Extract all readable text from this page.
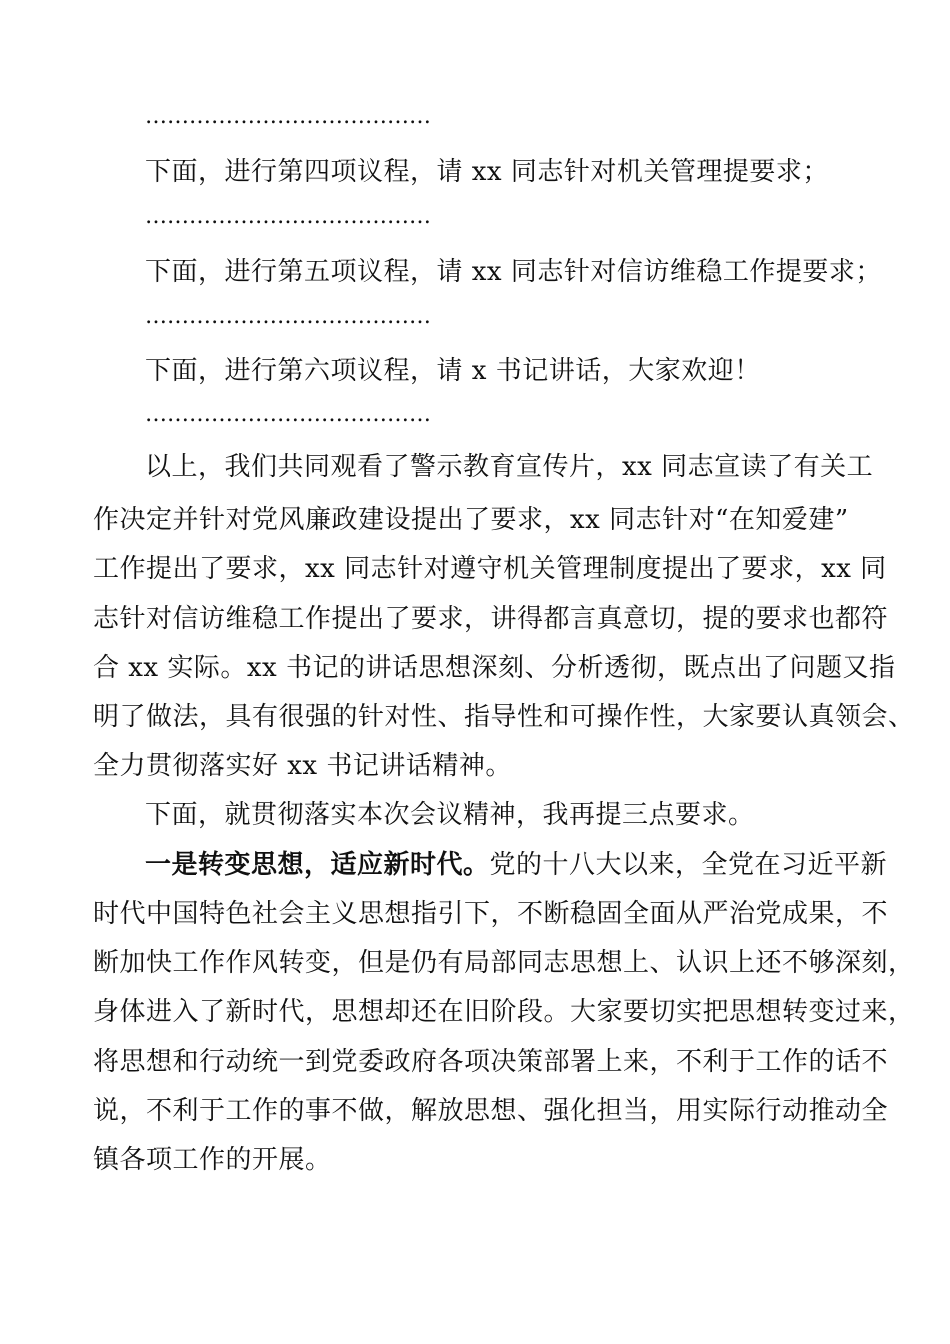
…………………………………
下面，进行第四项议程，请 xx 同志针对机关管理提要求；
…………………………………
下面，进行第五项议程，请 xx 同志针对信访维稳工作提要求；
…………………………………
下面，进行第六项议程，请 x 书记讲话，大家欢迎！
…………………………………
以上，我们共同观看了警示教育宣传片，xx 同志宣读了有关工
作决定并针对党风廉政建设提出了要求，xx 同志针对“在知爱建”
工作提出了要求，xx 同志针对遵守机关管理制度提出了要求，xx 同
志针对信访维稳工作提出了要求，讲得都言真意切，提的要求也都符
合 xx 实际。xx 书记的讲话思想深刻、分析透彻，既点出了问题又指
明了做法，具有很强的针对性、指导性和可操作性，大家要认真领会、
全力贯彻落实好 xx 书记讲话精神。
下面，就贯彻落实本次会议精神，我再提三点要求。
一是转变思想，适应新时代。党的十八大以来，全党在习近平新
时代中国特色社会主义思想指引下，不断稳固全面从严治党成果，不
断加快工作作风转变，但是仍有局部同志思想上、认识上还不够深刻，
身体进入了新时代，思想却还在旧阶段。大家要切实把思想转变过来，
将思想和行动统一到党委政府各项决策部署上来，不利于工作的话不
说，不利于工作的事不做，解放思想、强化担当，用实际行动推动全
镇各项工作的开展。
